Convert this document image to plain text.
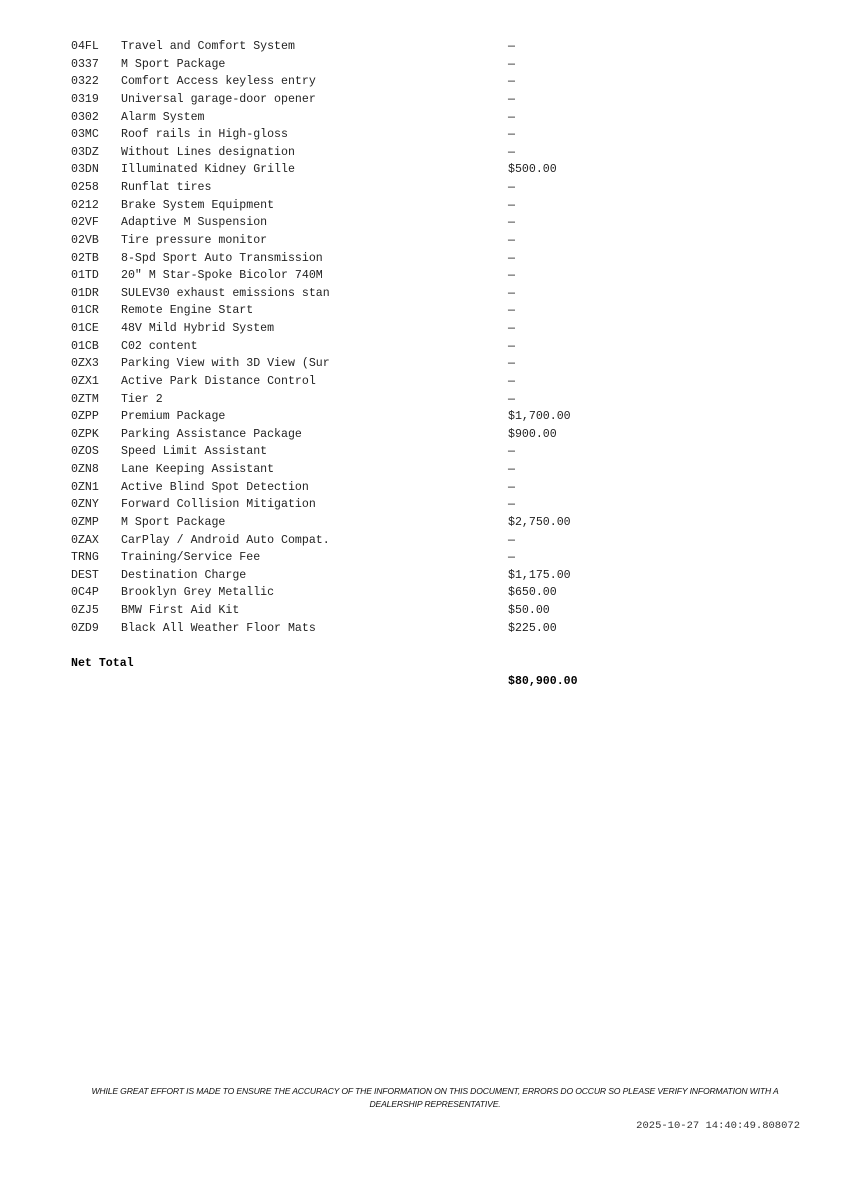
04FL Travel and Comfort System	—
0337 M Sport Package	—
0322 Comfort Access keyless entry	—
0319 Universal garage-door opener	—
0302 Alarm System	—
03MC Roof rails in High-gloss	—
03DZ Without Lines designation	—
03DN Illuminated Kidney Grille	$500.00
0258 Runflat tires	—
0212 Brake System Equipment	—
02VF Adaptive M Suspension	—
02VB Tire pressure monitor	—
02TB 8-Spd Sport Auto Transmission	—
01TD 20" M Star-Spoke Bicolor 740M	—
01DR SULEV30 exhaust emissions stan	—
01CR Remote Engine Start	—
01CE 48V Mild Hybrid System	—
01CB C02 content	—
0ZX3 Parking View with 3D View (Sur	—
0ZX1 Active Park Distance Control	—
0ZTM Tier 2	—
0ZPP Premium Package	$1,700.00
0ZPK Parking Assistance Package	$900.00
0ZOS Speed Limit Assistant	—
0ZN8 Lane Keeping Assistant	—
0ZN1 Active Blind Spot Detection	—
0ZNY Forward Collision Mitigation	—
0ZMP M Sport Package	$2,750.00
0ZAX CarPlay / Android Auto Compat.	—
TRNG Training/Service Fee	—
DEST Destination Charge	$1,175.00
0C4P Brooklyn Grey Metallic	$650.00
0ZJ5 BMW First Aid Kit	$50.00
0ZD9 Black All Weather Floor Mats	$225.00

Net Total

$80,900.00

WHILE GREAT EFFORT IS MADE TO ENSURE THE ACCURACY OF THE INFORMATION ON THIS DOCUMENT, ERRORS DO OCCUR SO PLEASE VERIFY INFORMATION WITH A DEALERSHIP REPRESENTATIVE.
2025-10-27 14:40:49.808072
